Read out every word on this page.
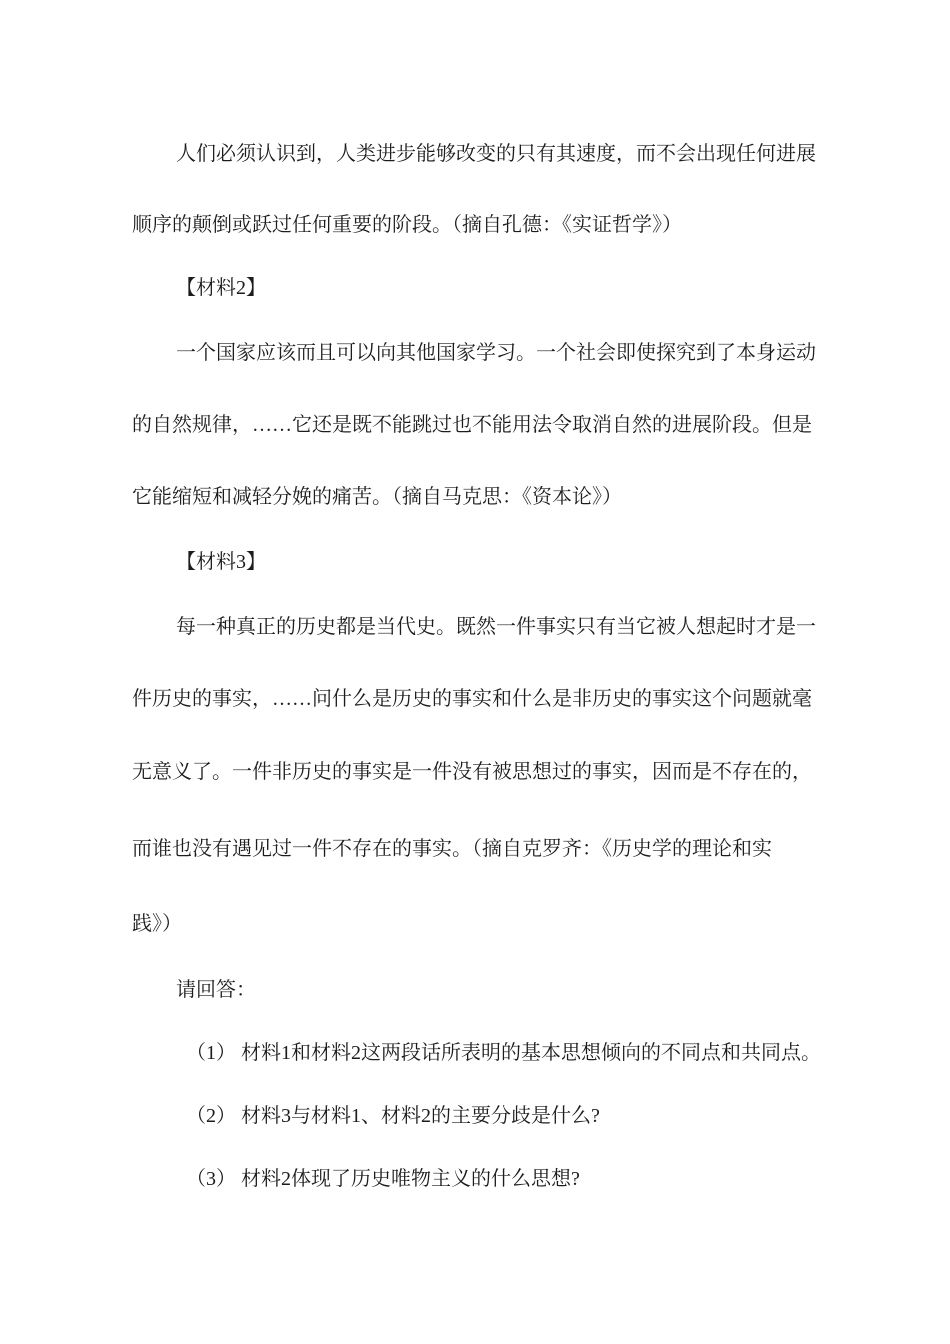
人们必须认识到，人类进步能够改变的只有其速度，而不会出现任何进展
顺序的颠倒或跃过任何重要的阶段。（摘自孔德：《实证哲学》）
【材料2】
一个国家应该而且可以向其他国家学习。一个社会即使探究到了本身运动
的自然规律，……它还是既不能跳过也不能用法令取消自然的进展阶段。但是
它能缩短和减轻分娩的痛苦。（摘自马克思：《资本论》）
【材料3】
每一种真正的历史都是当代史。既然一件事实只有当它被人想起时才是一
件历史的事实，……问什么是历史的事实和什么是非历史的事实这个问题就毫
无意义了。一件非历史的事实是一件没有被思想过的事实，因而是不存在的，
而谁也没有遇见过一件不存在的事实。（摘自克罗齐：《历史学的理论和实
践》）
请回答：
（1） 材料1和材料2这两段话所表明的基本思想倾向的不同点和共同点。
（2） 材料3与材料1、材料2的主要分歧是什么?
（3） 材料2体现了历史唯物主义的什么思想?
